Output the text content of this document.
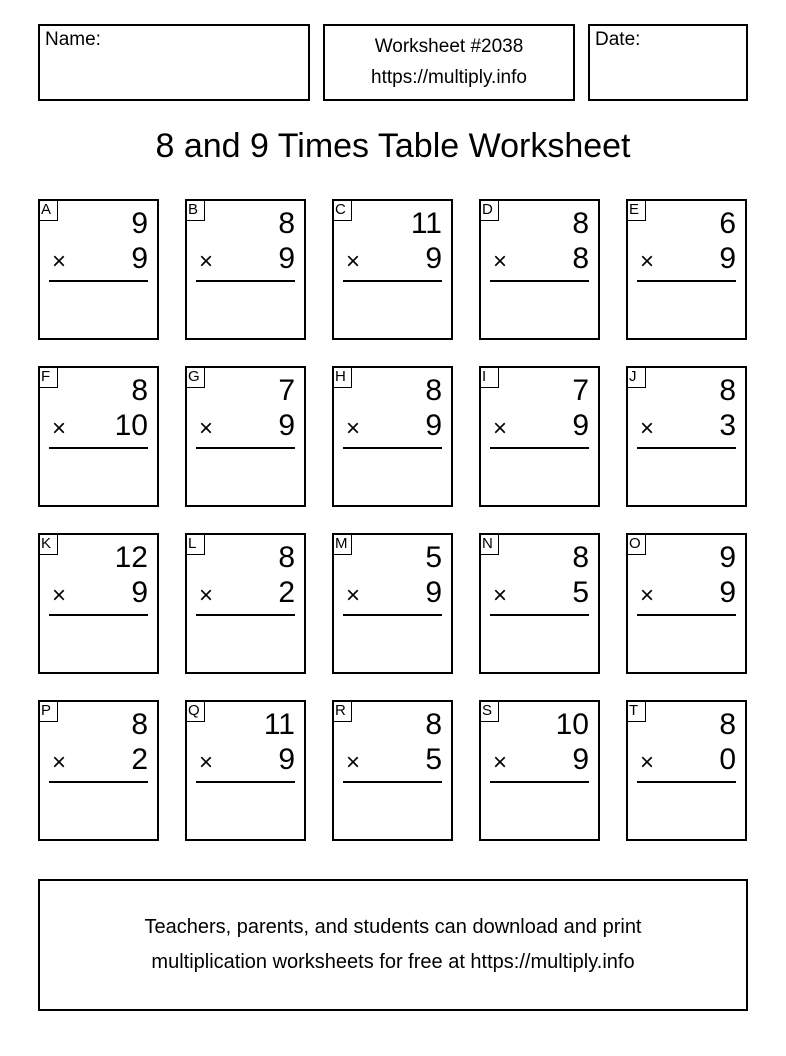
Name:	Worksheet #2038
https://multiply.info
Date:
8 and 9 Times Table Worksheet
A	9
× 9
B	8
× 9
C 11
× 9
D	8
× 8
E	6
× 9
F	8
× 10
G	7
× 9
H	8
× 9
I	7
× 9
J	8
× 3
K 12
× 9
L	8
× 2
M	5
× 9
N	8
× 5
O	9
× 9
P	8
× 2
Q 11
× 9
R	8
× 5
S 10
× 9
T	8
× 0
Teachers, parents, and students can download and print
multiplication worksheets for free at https://multiply.info
